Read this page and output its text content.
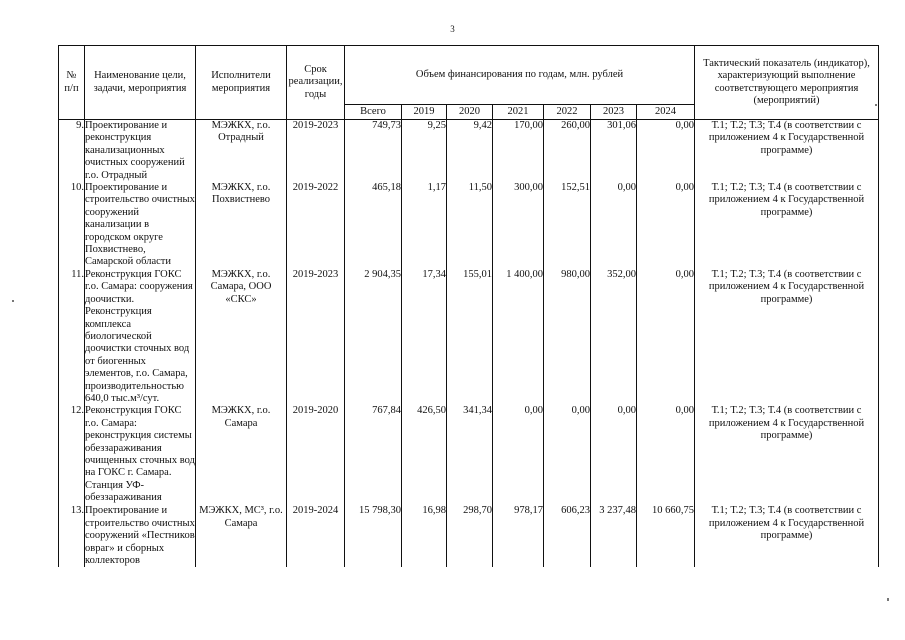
3
№
п/п	Наименование цели, задачи, мероприятия	Исполнители мероприятия	Срок реализации, годы	Объем финансирования по годам, млн. рублей							Тактический показатель (индикатор), характеризующий выполнение соответствующего мероприятия (мероприятий)
				Всего	2019	2020	2021	2022	2023	2024	
9.	Проектирование и реконструкция канализационных очистных сооружений г.о. Отрадный	МЭЖКХ, г.о. Отрадный	2019-2023	749,73	9,25	9,42	170,00	260,00	301,06	0,00	Т.1; Т.2; Т.3; Т.4 (в соответствии с приложением 4 к Государственной программе)
10.	Проектирование и строительство очистных сооружений канализации в городском округе Похвистнево, Самарской области	МЭЖКХ, г.о. Похвистнево	2019-2022	465,18	1,17	11,50	300,00	152,51	0,00	0,00	Т.1; Т.2; Т.3; Т.4 (в соответствии с приложением 4 к Государственной программе)
11.	Реконструкция ГОКС г.о. Самара: сооружения доочистки. Реконструкция комплекса биологической доочистки сточных вод от биогенных элементов, г.о. Самара, производительностью 640,0 тыс.м³/сут.	МЭЖКХ, г.о. Самара, ООО «СКС»	2019-2023	2 904,35	17,34	155,01	1 400,00	980,00	352,00	0,00	Т.1; Т.2; Т.3; Т.4 (в соответствии с приложением 4 к Государственной программе)
12.	Реконструкция ГОКС г.о. Самара: реконструкция системы обеззараживания очищенных сточных вод на ГОКС г. Самара. Станция УФ-обеззараживания	МЭЖКХ, г.о. Самара	2019-2020	767,84	426,50	341,34	0,00	0,00	0,00	0,00	Т.1; Т.2; Т.3; Т.4 (в соответствии с приложением 4 к Государственной программе)
13.	Проектирование и строительство очистных сооружений «Пестников овраг» и сборных коллекторов	МЭЖКХ, МС³, г.о. Самара	2019-2024	15 798,30	16,98	298,70	978,17	606,23	3 237,48	10 660,75	Т.1; Т.2; Т.3; Т.4 (в соответствии с приложением 4 к Государственной программе)
